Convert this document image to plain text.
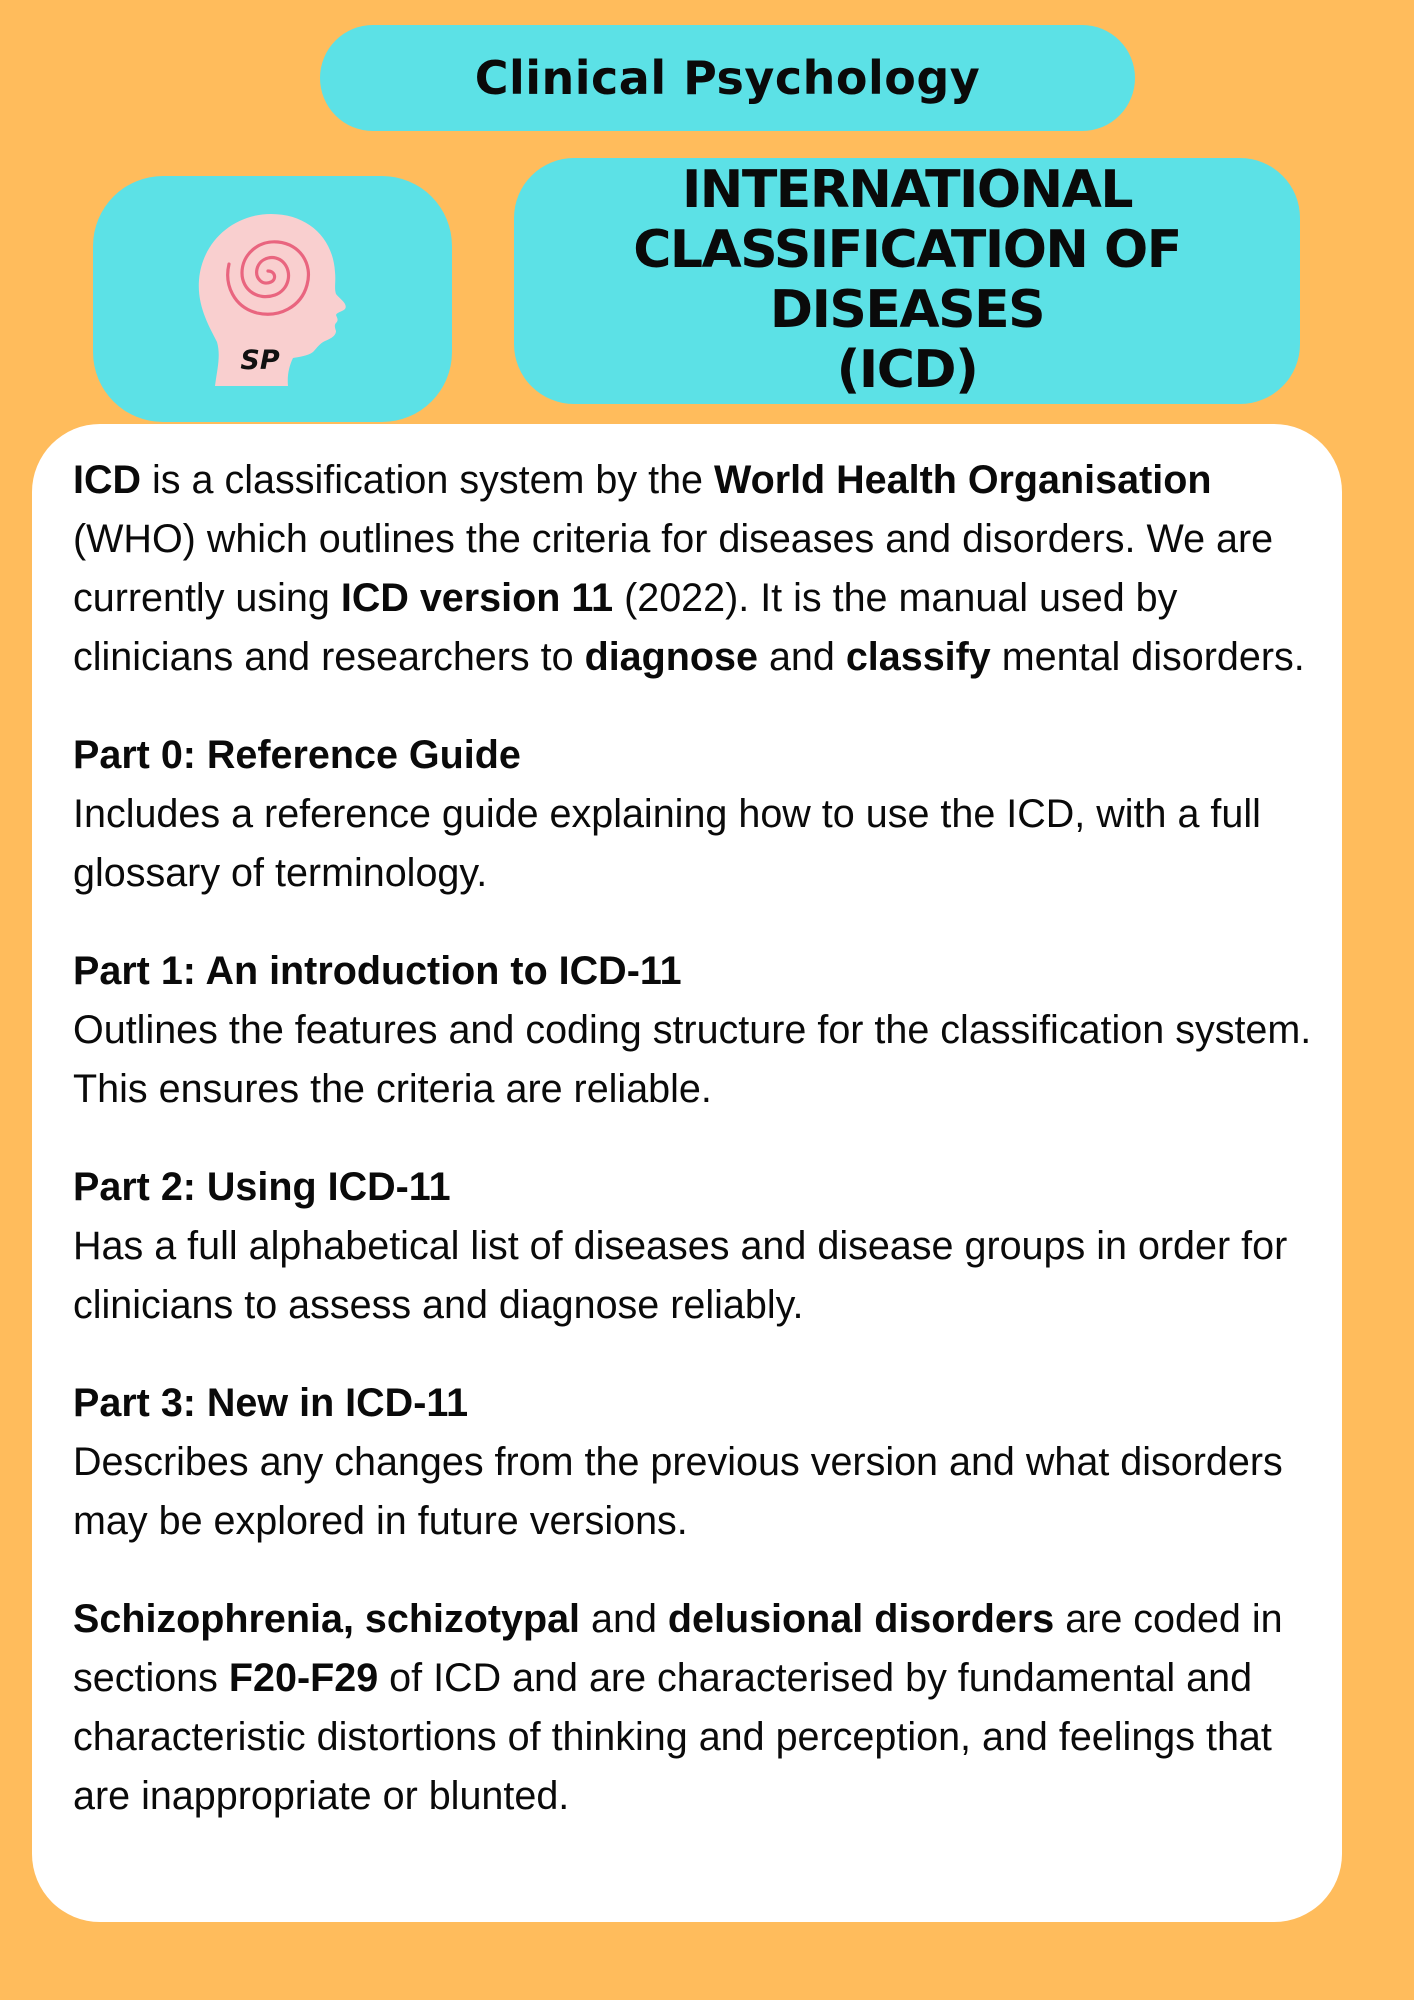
Clinical Psychology
SP
INTERNATIONAL
CLASSIFICATION OF
DISEASES
(ICD)

ICD is a classification system by the World Health Organisation (WHO) which outlines the criteria for diseases and disorders. We are currently using ICD version 11 (2022). It is the manual used by clinicians and researchers to diagnose and classify mental disorders.

Part 0: Reference Guide

Includes a reference guide explaining how to use the ICD, with a full glossary of terminology.

Part 1: An introduction to ICD-11

Outlines the features and coding structure for the classification system. This ensures the criteria are reliable.

Part 2: Using ICD-11

Has a full alphabetical list of diseases and disease groups in order for clinicians to assess and diagnose reliably.

Part 3: New in ICD-11

Describes any changes from the previous version and what disorders may be explored in future versions.

Schizophrenia, schizotypal and delusional disorders are coded in sections F20-F29 of ICD and are characterised by fundamental and characteristic distortions of thinking and perception, and feelings that are inappropriate or blunted.
